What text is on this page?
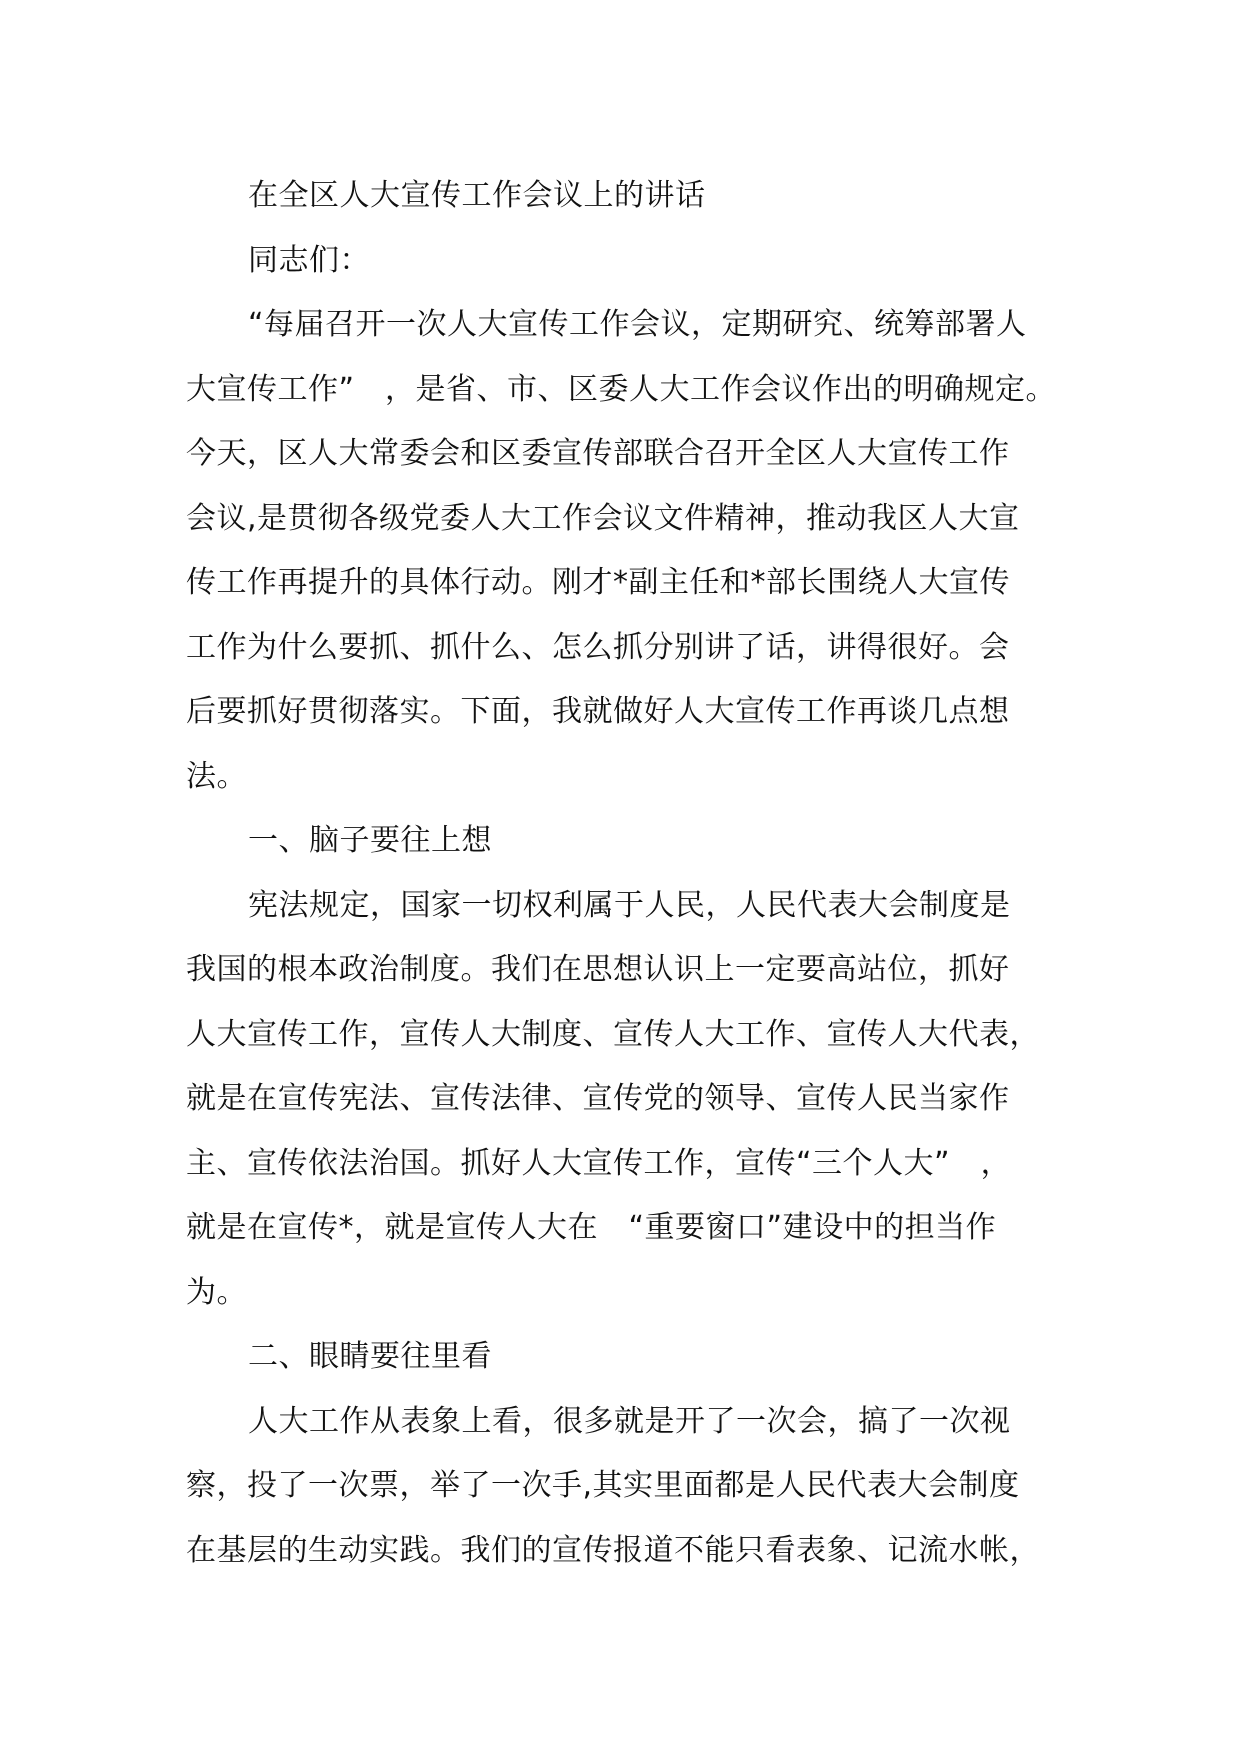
在全区人大宣传工作会议上的讲话
同志们：
“每届召开一次人大宣传工作会议，定期研究、统筹部署人
大宣传工作”　，是省、市、区委人大工作会议作出的明确规定。
今天，区人大常委会和区委宣传部联合召开全区人大宣传工作
会议,是贯彻各级党委人大工作会议文件精神，推动我区人大宣
传工作再提升的具体行动。刚才*副主任和*部长围绕人大宣传
工作为什么要抓、抓什么、怎么抓分别讲了话，讲得很好。会
后要抓好贯彻落实。下面，我就做好人大宣传工作再谈几点想
法。
一、脑子要往上想
宪法规定，国家一切权利属于人民，人民代表大会制度是
我国的根本政治制度。我们在思想认识上一定要高站位，抓好
人大宣传工作，宣传人大制度、宣传人大工作、宣传人大代表，
就是在宣传宪法、宣传法律、宣传党的领导、宣传人民当家作
主、宣传依法治国。抓好人大宣传工作，宣传“三个人大”　，
就是在宣传*，就是宣传人大在　“重要窗口”建设中的担当作
为。
二、眼睛要往里看
人大工作从表象上看，很多就是开了一次会，搞了一次视
察，投了一次票，举了一次手,其实里面都是人民代表大会制度
在基层的生动实践。我们的宣传报道不能只看表象、记流水帐，
